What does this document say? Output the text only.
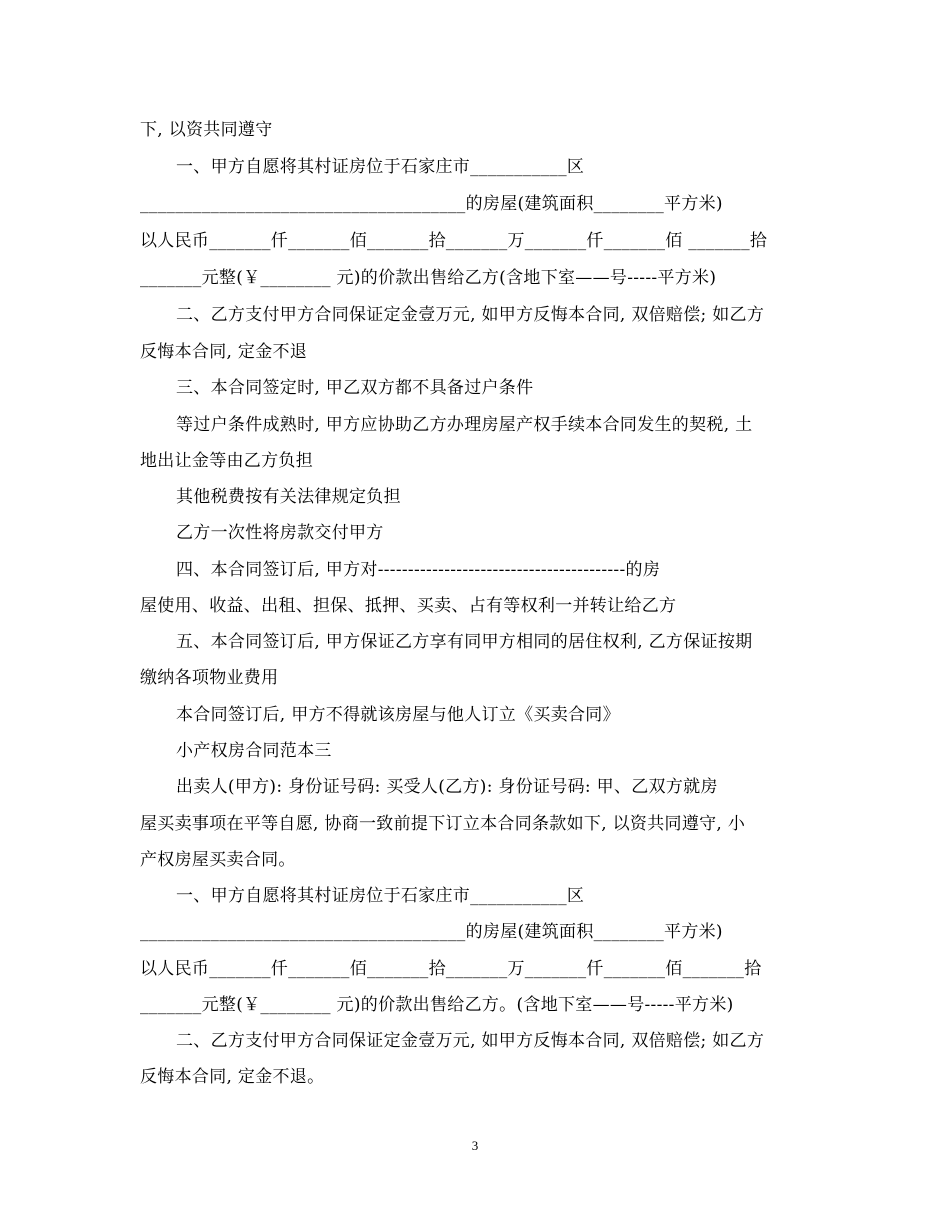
下, 以资共同遵守
一、甲方自愿将其村证房位于石家庄市___________区
_____________________________________的房屋(建筑面积________平方米)
以人民币_______仟_______佰_______拾_______万_______仟_______佰 _______拾
_______元整(￥________ 元)的价款出售给乙方(含地下室——号-----平方米)
二、乙方支付甲方合同保证定金壹万元, 如甲方反悔本合同, 双倍赔偿; 如乙方
反悔本合同, 定金不退
三、本合同签定时, 甲乙双方都不具备过户条件
等过户条件成熟时, 甲方应协助乙方办理房屋产权手续本合同发生的契税, 土
地出让金等由乙方负担
其他税费按有关法律规定负担
乙方一次性将房款交付甲方
四、本合同签订后, 甲方对-----------------------------------------的房
屋使用、收益、出租、担保、抵押、买卖、占有等权利一并转让给乙方
五、本合同签订后, 甲方保证乙方享有同甲方相同的居住权利, 乙方保证按期
缴纳各项物业费用
本合同签订后, 甲方不得就该房屋与他人订立《买卖合同》
小产权房合同范本三
出卖人(甲方): 身份证号码: 买受人(乙方): 身份证号码: 甲、乙双方就房
屋买卖事项在平等自愿, 协商一致前提下订立本合同条款如下, 以资共同遵守, 小
产权房屋买卖合同。
一、甲方自愿将其村证房位于石家庄市___________区
_____________________________________的房屋(建筑面积________平方米)
以人民币_______仟_______佰_______拾_______万_______仟_______佰_______拾
_______元整(￥________ 元)的价款出售给乙方。(含地下室——号-----平方米)
二、乙方支付甲方合同保证定金壹万元, 如甲方反悔本合同, 双倍赔偿; 如乙方
反悔本合同, 定金不退。
3
